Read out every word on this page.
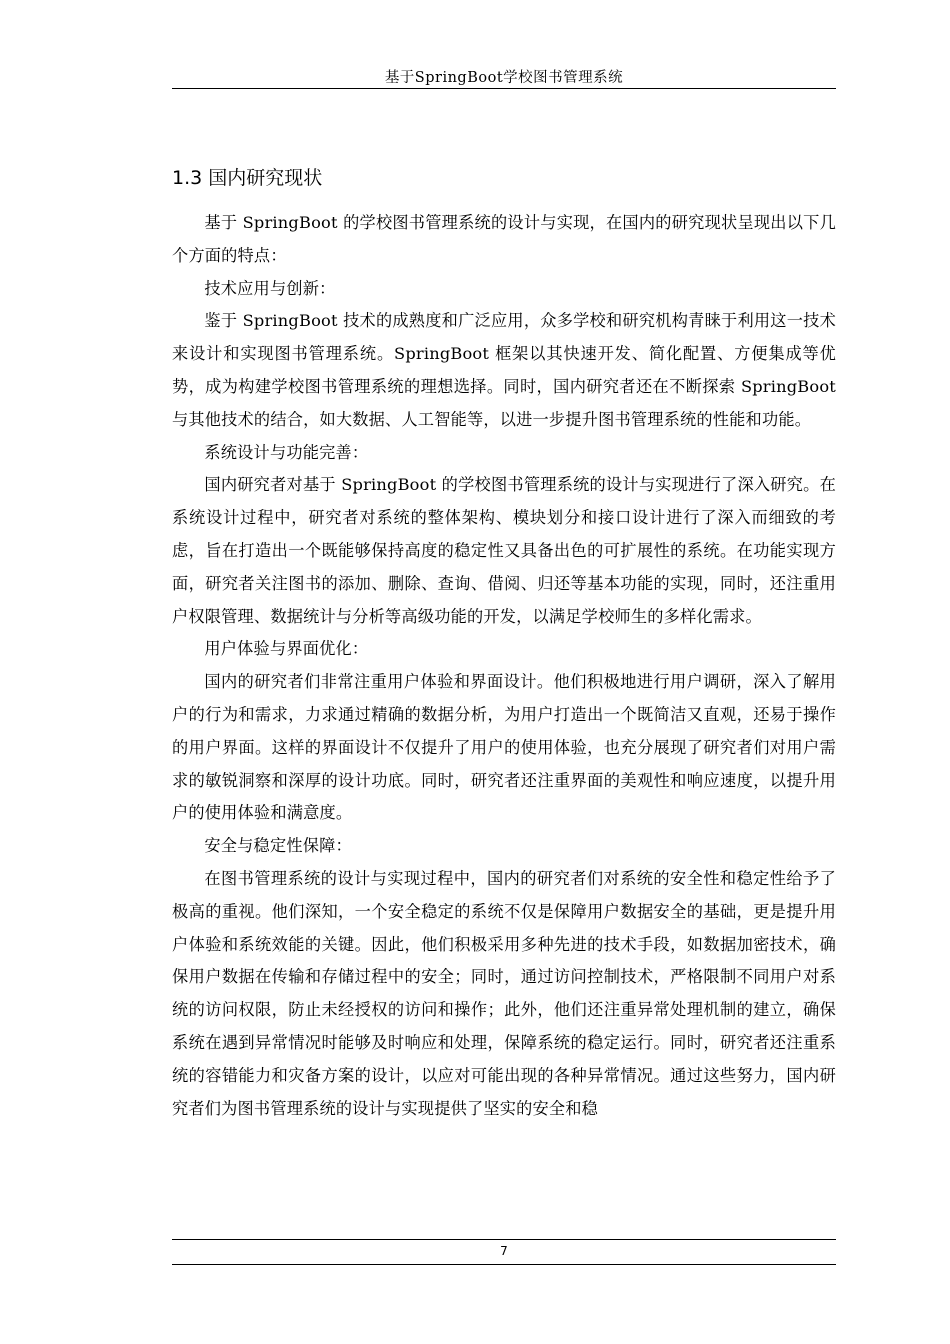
基于SpringBoot学校图书管理系统
1.3 国内研究现状

基于 SpringBoot 的学校图书管理系统的设计与实现，在国内的研究现状呈现出以下几个方面的特点：

技术应用与创新：

鉴于 SpringBoot 技术的成熟度和广泛应用，众多学校和研究机构青睐于利用这一技术来设计和实现图书管理系统。SpringBoot 框架以其快速开发、简化配置、方便集成等优势，成为构建学校图书管理系统的理想选择。同时，国内研究者还在不断探索 SpringBoot 与其他技术的结合，如大数据、人工智能等，以进一步提升图书管理系统的性能和功能。

系统设计与功能完善：

国内研究者对基于 SpringBoot 的学校图书管理系统的设计与实现进行了深入研究。在系统设计过程中，研究者对系统的整体架构、模块划分和接口设计进行了深入而细致的考虑，旨在打造出一个既能够保持高度的稳定性又具备出色的可扩展性的系统。在功能实现方面，研究者关注图书的添加、删除、查询、借阅、归还等基本功能的实现，同时，还注重用户权限管理、数据统计与分析等高级功能的开发，以满足学校师生的多样化需求。

用户体验与界面优化：

国内的研究者们非常注重用户体验和界面设计。他们积极地进行用户调研，深入了解用户的行为和需求，力求通过精确的数据分析，为用户打造出一个既简洁又直观，还易于操作的用户界面。这样的界面设计不仅提升了用户的使用体验，也充分展现了研究者们对用户需求的敏锐洞察和深厚的设计功底。同时，研究者还注重界面的美观性和响应速度，以提升用户的使用体验和满意度。

安全与稳定性保障：

在图书管理系统的设计与实现过程中，国内的研究者们对系统的安全性和稳定性给予了极高的重视。他们深知，一个安全稳定的系统不仅是保障用户数据安全的基础，更是提升用户体验和系统效能的关键。因此，他们积极采用多种先进的技术手段，如数据加密技术，确保用户数据在传输和存储过程中的安全；同时，通过访问控制技术，严格限制不同用户对系统的访问权限，防止未经授权的访问和操作；此外，他们还注重异常处理机制的建立，确保系统在遇到异常情况时能够及时响应和处理，保障系统的稳定运行。同时，研究者还注重系统的容错能力和灾备方案的设计，以应对可能出现的各种异常情况。通过这些努力，国内研究者们为图书管理系统的设计与实现提供了坚实的安全和稳

7
